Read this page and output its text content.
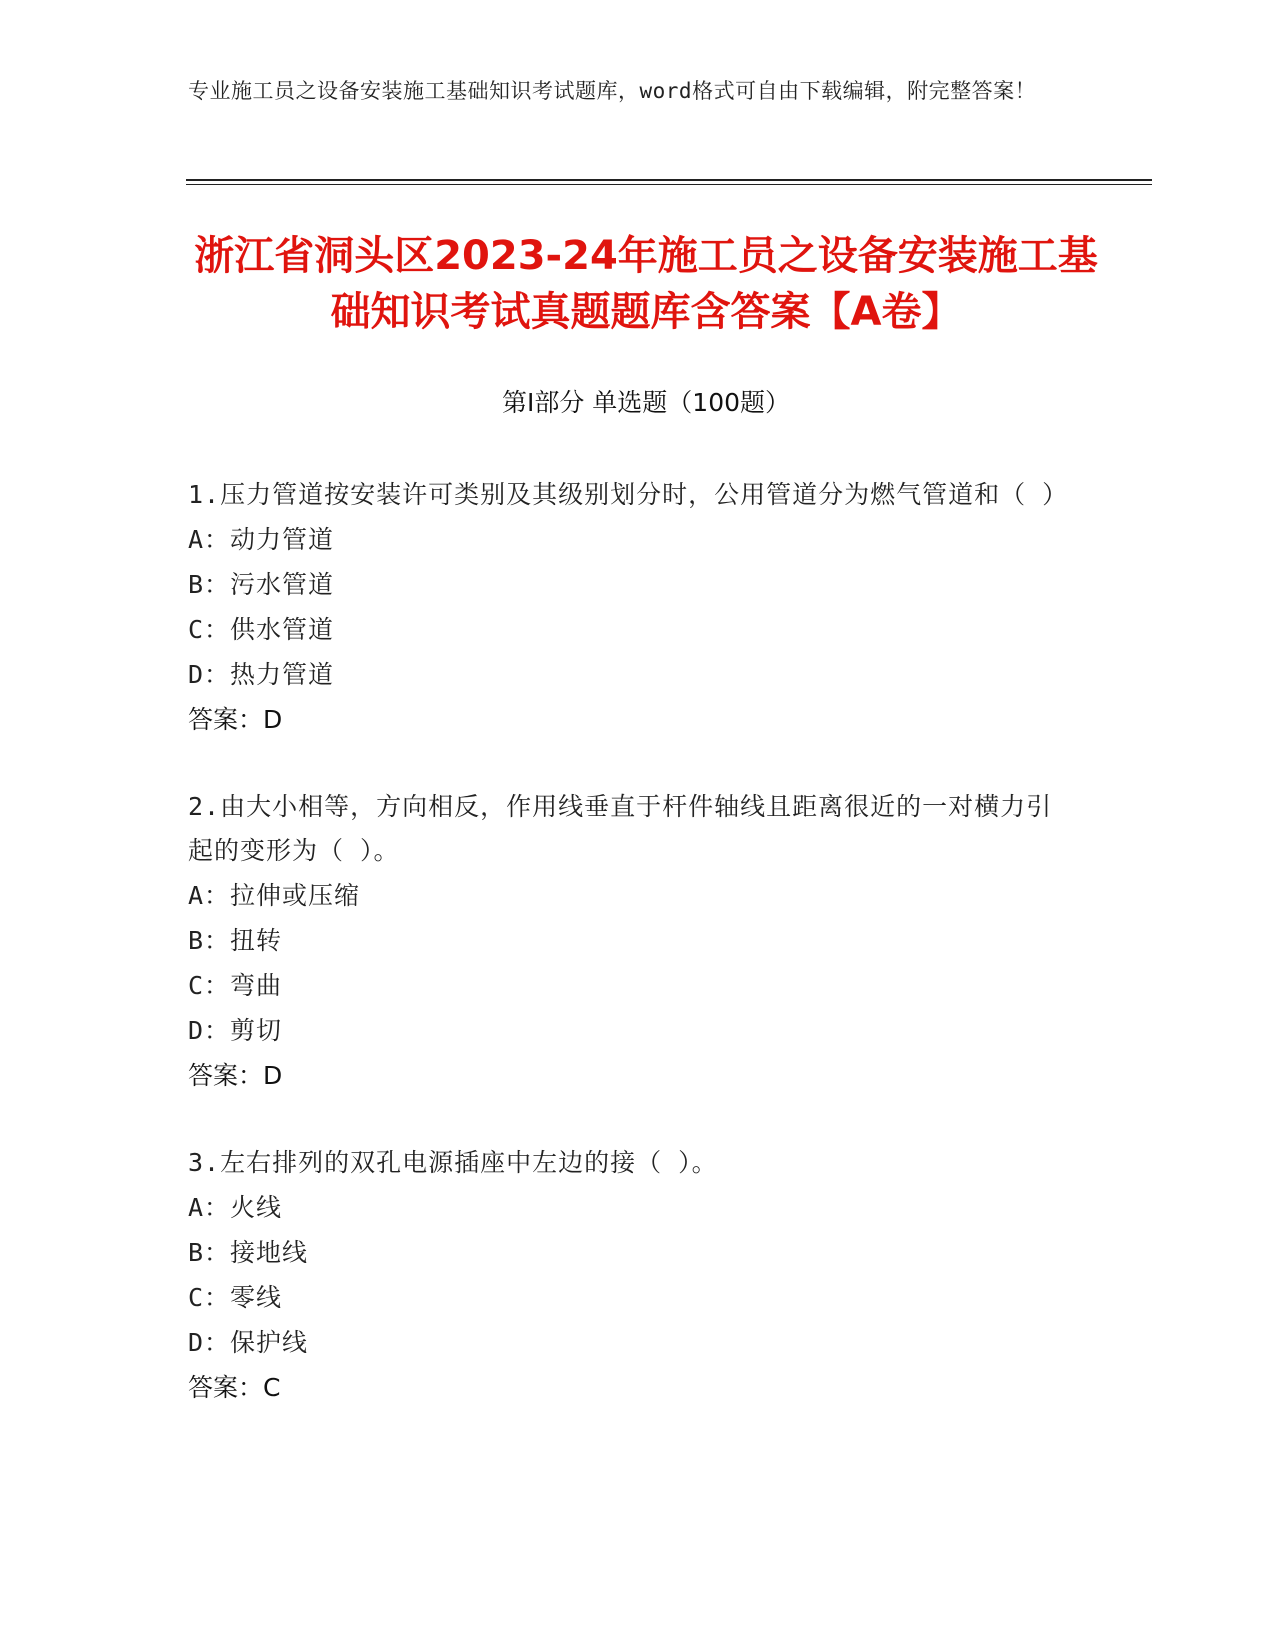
专业施工员之设备安装施工基础知识考试题库，word格式可自由下载编辑，附完整答案！
浙江省洞头区2023-24年施工员之设备安装施工基础知识考试真题题库含答案【A卷】
第Ⅰ部分 单选题（100题）
1.压力管道按安装许可类别及其级别划分时，公用管道分为燃气管道和（ ）
A：动力管道
B：污水管道
C：供水管道
D：热力管道
答案：D
2.由大小相等，方向相反，作用线垂直于杆件轴线且距离很近的一对横力引起的变形为（ ）。
A：拉伸或压缩
B：扭转
C：弯曲
D：剪切
答案：D
3.左右排列的双孔电源插座中左边的接（ ）。
A：火线
B：接地线
C：零线
D：保护线
答案：C
